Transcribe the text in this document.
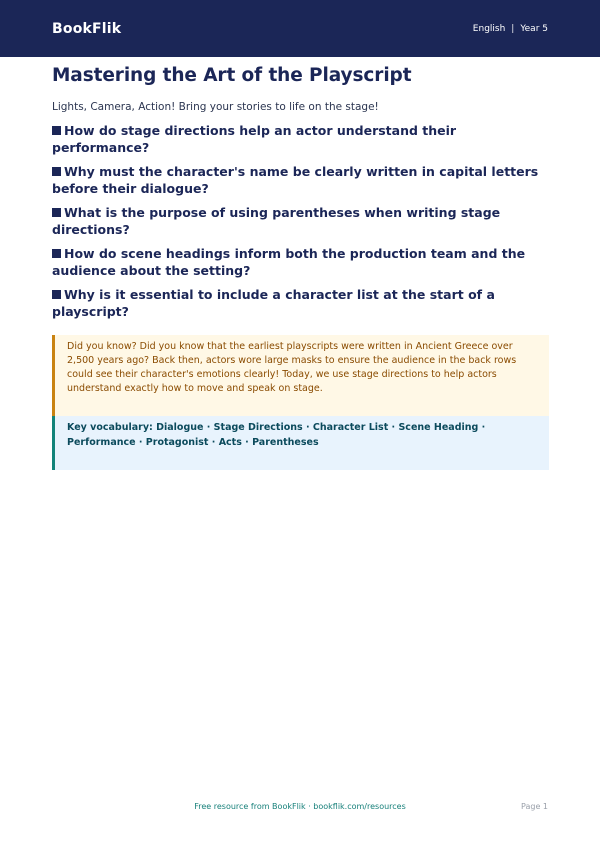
BookFlik	English | Year 5
Mastering the Art of the Playscript

Lights, Camera, Action! Bring your stories to life on the stage!

How do stage directions help an actor understand their performance?
Why must the character's name be clearly written in capital letters before their dialogue?
What is the purpose of using parentheses when writing stage directions?
How do scene headings inform both the production team and the audience about the setting?
Why is it essential to include a character list at the start of a playscript?
Did you know? Did you know that the earliest playscripts were written in Ancient Greece over 2,500 years ago? Back then, actors wore large masks to ensure the audience in the back rows could see their character's emotions clearly! Today, we use stage directions to help actors understand exactly how to move and speak on stage.
Key vocabulary: Dialogue · Stage Directions · Character List · Scene Heading · Performance · Protagonist · Acts · Parentheses
Free resource from BookFlik · bookflik.com/resources	Page 1
